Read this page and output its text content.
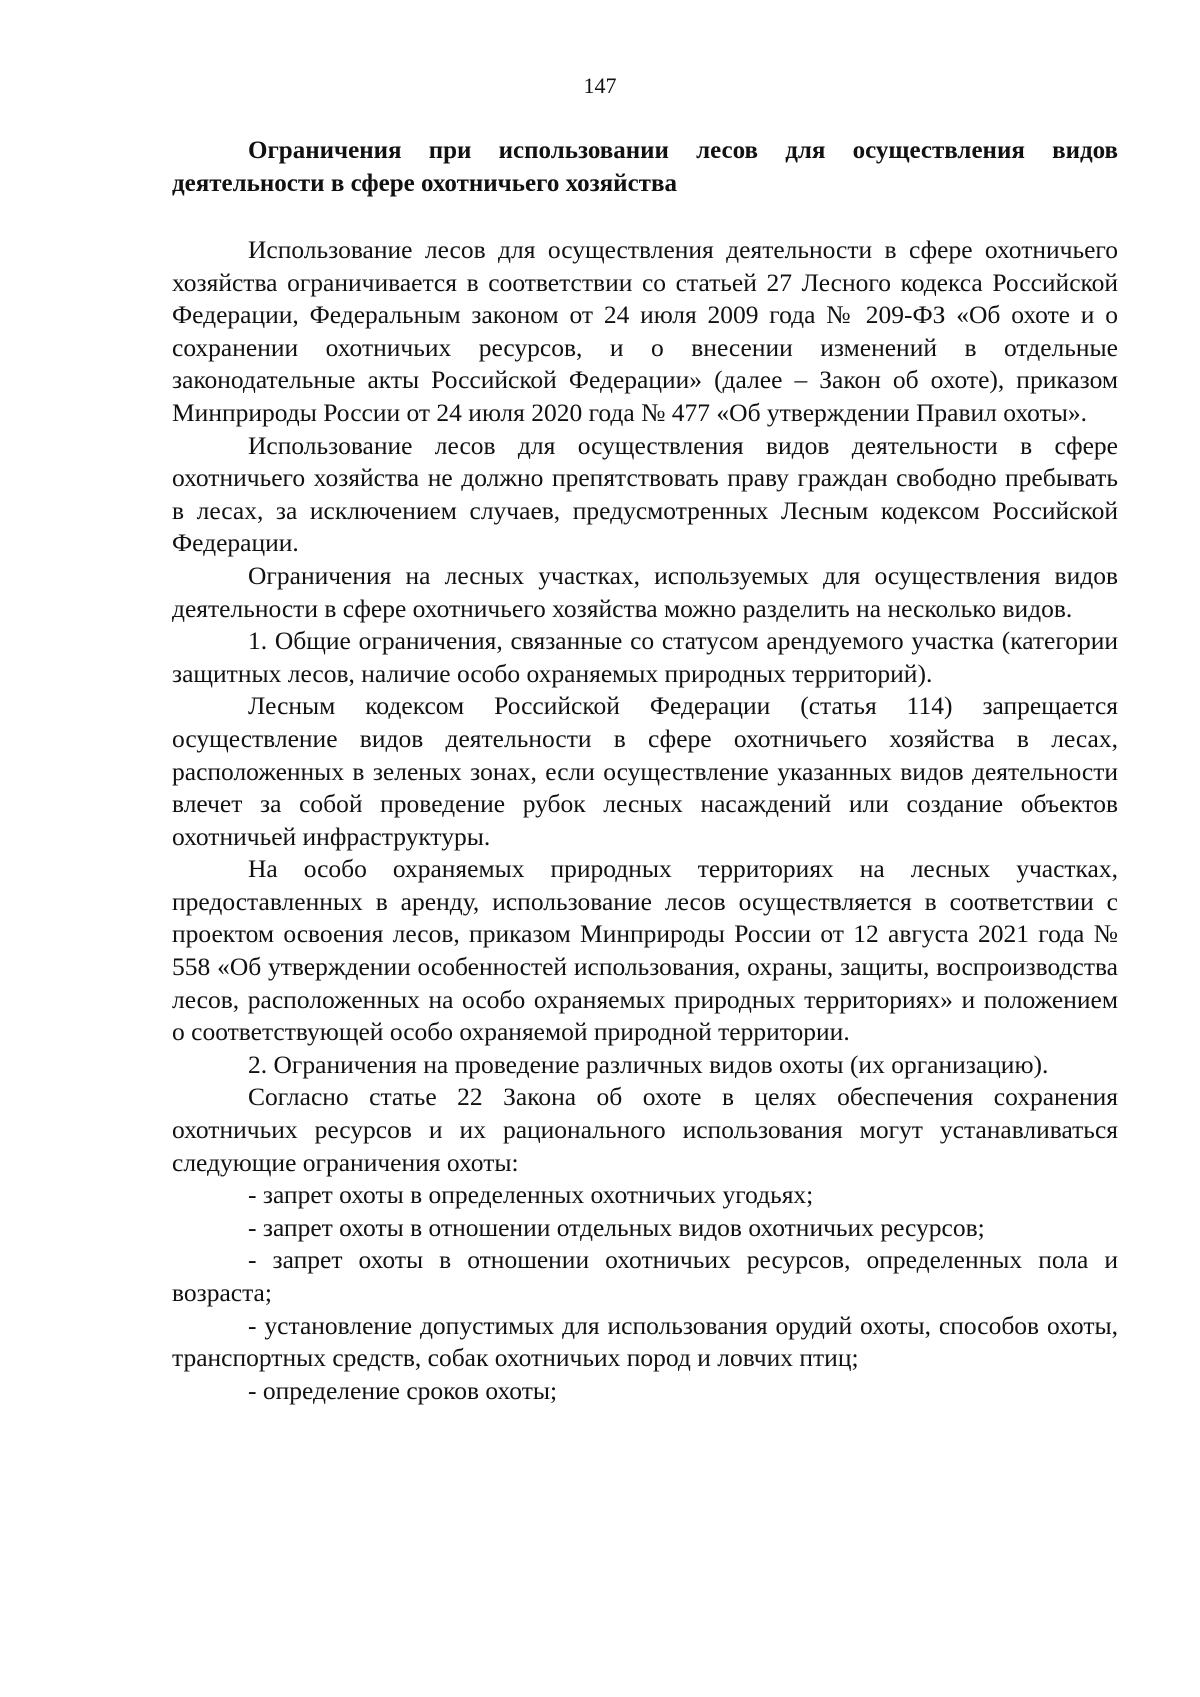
147
Ограничения при использовании лесов для осуществления видов
деятельности в сфере охотничьего хозяйства

Использование лесов для осуществления деятельности в сфере охотничьего хозяйства ограничивается в соответствии со статьей 27 Лесного кодекса Российской Федерации, Федеральным законом от 24 июля 2009 года № 209-ФЗ «Об охоте и о сохранении охотничьих ресурсов, и о внесении изменений в отдельные законодательные акты Российской Федерации» (далее – Закон об охоте), приказом Минприроды России от 24 июля 2020 года № 477 «Об утверждении Правил охоты».

Использование лесов для осуществления видов деятельности в сфере охотничьего хозяйства не должно препятствовать праву граждан свободно пребывать в лесах, за исключением случаев, предусмотренных Лесным кодексом Российской Федерации.

Ограничения на лесных участках, используемых для осуществления видов деятельности в сфере охотничьего хозяйства можно разделить на несколько видов.

1. Общие ограничения, связанные со статусом арендуемого участка (категории защитных лесов, наличие особо охраняемых природных территорий).

Лесным кодексом Российской Федерации (статья 114) запрещается осуществление видов деятельности в сфере охотничьего хозяйства в лесах, расположенных в зеленых зонах, если осуществление указанных видов деятельности влечет за собой проведение рубок лесных насаждений или создание объектов охотничьей инфраструктуры.

На особо охраняемых природных территориях на лесных участках, предоставленных в аренду, использование лесов осуществляется в соответствии с проектом освоения лесов, приказом Минприроды России от 12 августа 2021 года № 558 «Об утверждении особенностей использования, охраны, защиты, воспроизводства лесов, расположенных на особо охраняемых природных территориях» и положением о соответствующей особо охраняемой природной территории.

2. Ограничения на проведение различных видов охоты (их организацию).

Согласно статье 22 Закона об охоте в целях обеспечения сохранения охотничьих ресурсов и их рационального использования могут устанавливаться следующие ограничения охоты:

- запрет охоты в определенных охотничьих угодьях;

- запрет охоты в отношении отдельных видов охотничьих ресурсов;

- запрет охоты в отношении охотничьих ресурсов, определенных пола и возраста;

- установление допустимых для использования орудий охоты, способов охоты, транспортных средств, собак охотничьих пород и ловчих птиц;

- определение сроков охоты;
